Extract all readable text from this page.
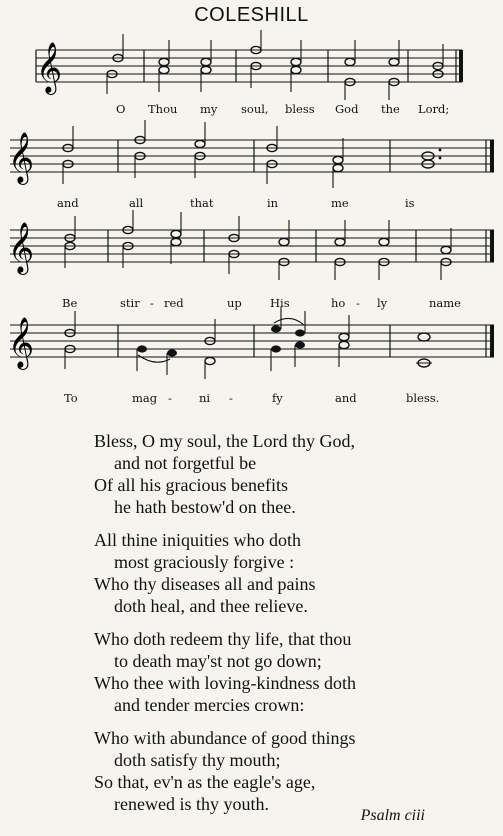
COLESHILL
𝄞
O Thou my soul, bless God the Lord;
𝄞
and	all	that	in	me	is
𝄞
Be	stir - red	up His	ho - ly	name
𝄞
To	mag - ni -	fy	and	bless.
Bless, O my soul, the Lord thy God,
and not forgetful be
Of all his gracious benefits
he hath bestow'd on thee.
All thine iniquities who doth
most graciously forgive :
Who thy diseases all and pains
doth heal, and thee relieve.
Who doth redeem thy life, that thou
to death may'st not go down;
Who thee with loving-kindness doth
and tender mercies crown:
Who with abundance of good things
doth satisfy thy mouth;
So that, ev'n as the eagle's age,
renewed is thy youth.
Psalm ciii
